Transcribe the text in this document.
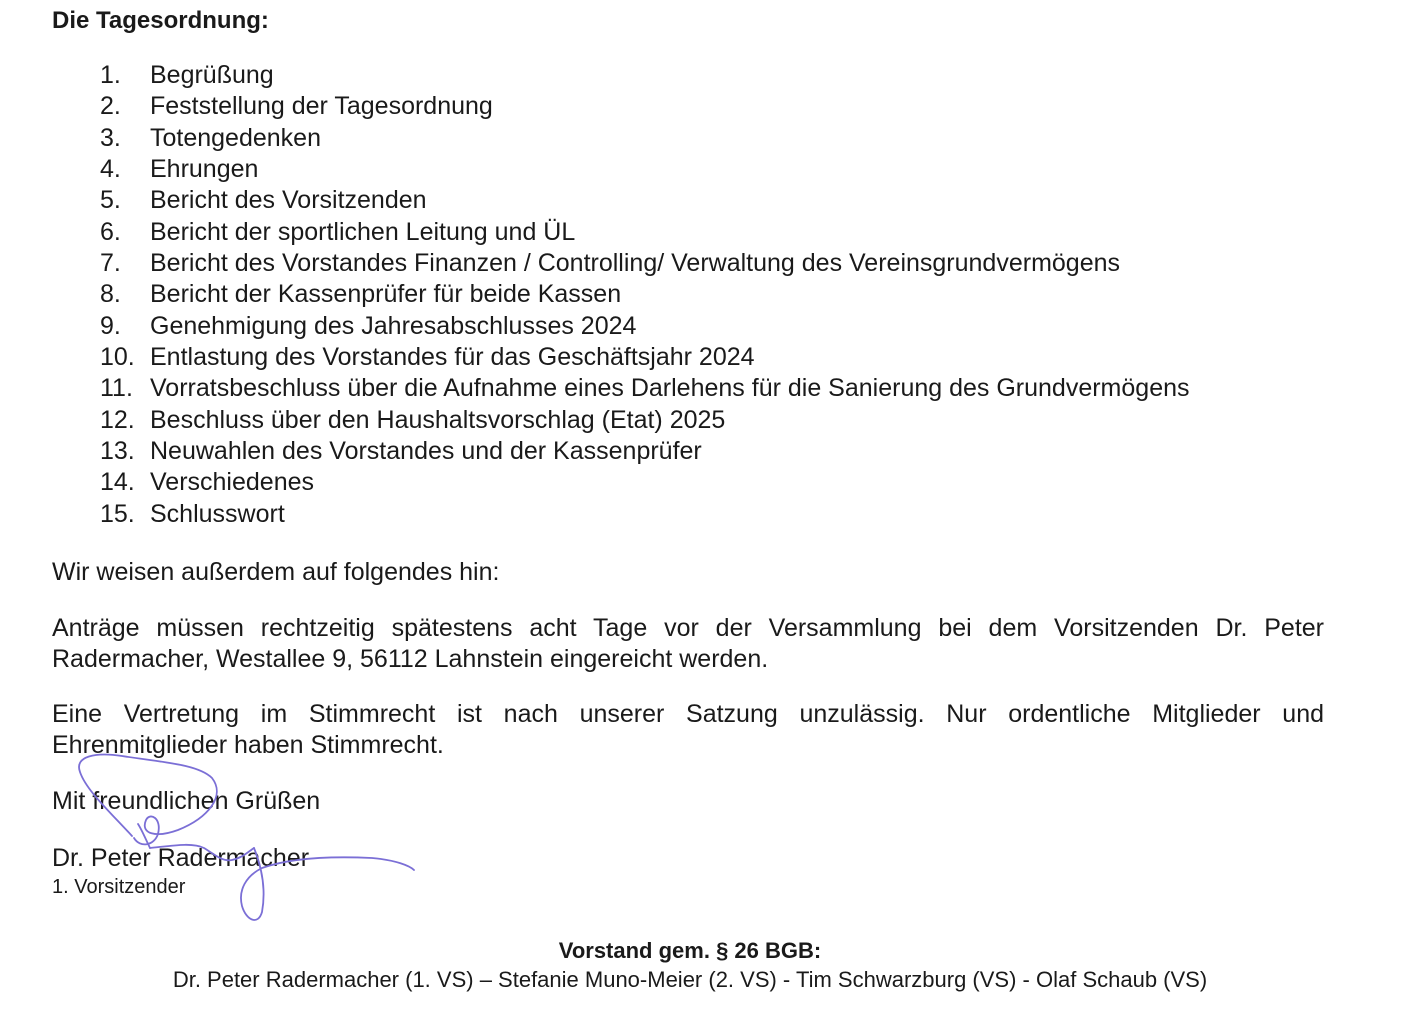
Die Tagesordnung:
1.	Begrüßung
2.	Feststellung der Tagesordnung
3.	Totengedenken
4.	Ehrungen
5.	Bericht des Vorsitzenden
6.	Bericht der sportlichen Leitung und ÜL
7.	Bericht des Vorstandes Finanzen / Controlling/ Verwaltung des Vereinsgrundvermögens
8.	Bericht der Kassenprüfer für beide Kassen
9.	Genehmigung des Jahresabschlusses 2024
10. Entlastung des Vorstandes für das Geschäftsjahr 2024
11. Vorratsbeschluss über die Aufnahme eines Darlehens für die Sanierung des Grundvermögens
12. Beschluss über den Haushaltsvorschlag (Etat) 2025
13. Neuwahlen des Vorstandes und der Kassenprüfer
14. Verschiedenes
15. Schlusswort

Wir weisen außerdem auf folgendes hin:

Anträge müssen rechtzeitig spätestens acht Tage vor der Versammlung bei dem Vorsitzenden Dr. Peter Radermacher, Westallee 9, 56112 Lahnstein eingereicht werden.

Eine Vertretung im Stimmrecht ist nach unserer Satzung unzulässig. Nur ordentliche Mitglieder und Ehrenmitglieder haben Stimmrecht.

Mit freundlichen Grüßen

Dr. Peter Radermacher

1. Vorsitzender
Vorstand gem. § 26 BGB:
Dr. Peter Radermacher (1. VS) – Stefanie Muno-Meier (2. VS) - Tim Schwarzburg (VS) - Olaf Schaub (VS)
